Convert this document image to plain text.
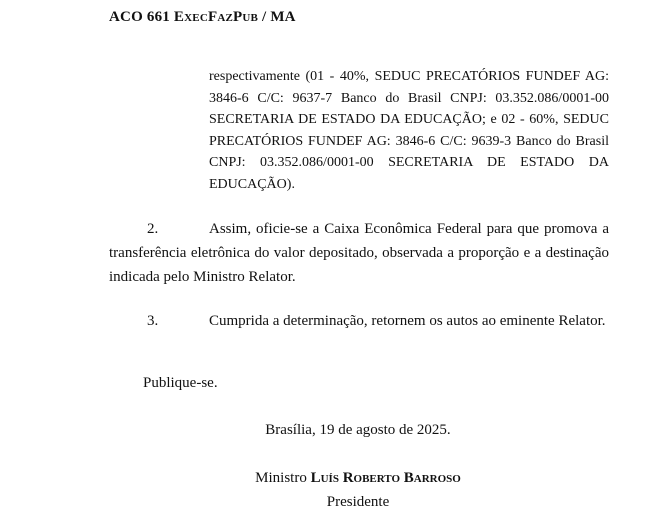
ACO 661 ExecFazPub / MA
respectivamente (01 - 40%, SEDUC PRECATÓRIOS FUNDEF AG: 3846-6 C/C: 9637-7 Banco do Brasil CNPJ: 03.352.086/0001-00 SECRETARIA DE ESTADO DA EDUCAÇÃO; e 02 - 60%, SEDUC PRECATÓRIOS FUNDEF AG: 3846-6 C/C: 9639-3 Banco do Brasil CNPJ: 03.352.086/0001-00 SECRETARIA DE ESTADO DA EDUCAÇÃO).
2.	Assim, oficie-se a Caixa Econômica Federal para que promova a transferência eletrônica do valor depositado, observada a proporção e a destinação indicada pelo Ministro Relator.
3.	Cumprida a determinação, retornem os autos ao eminente Relator.
Publique-se.
Brasília, 19 de agosto de 2025.
Ministro Luís Roberto Barroso
Presidente
